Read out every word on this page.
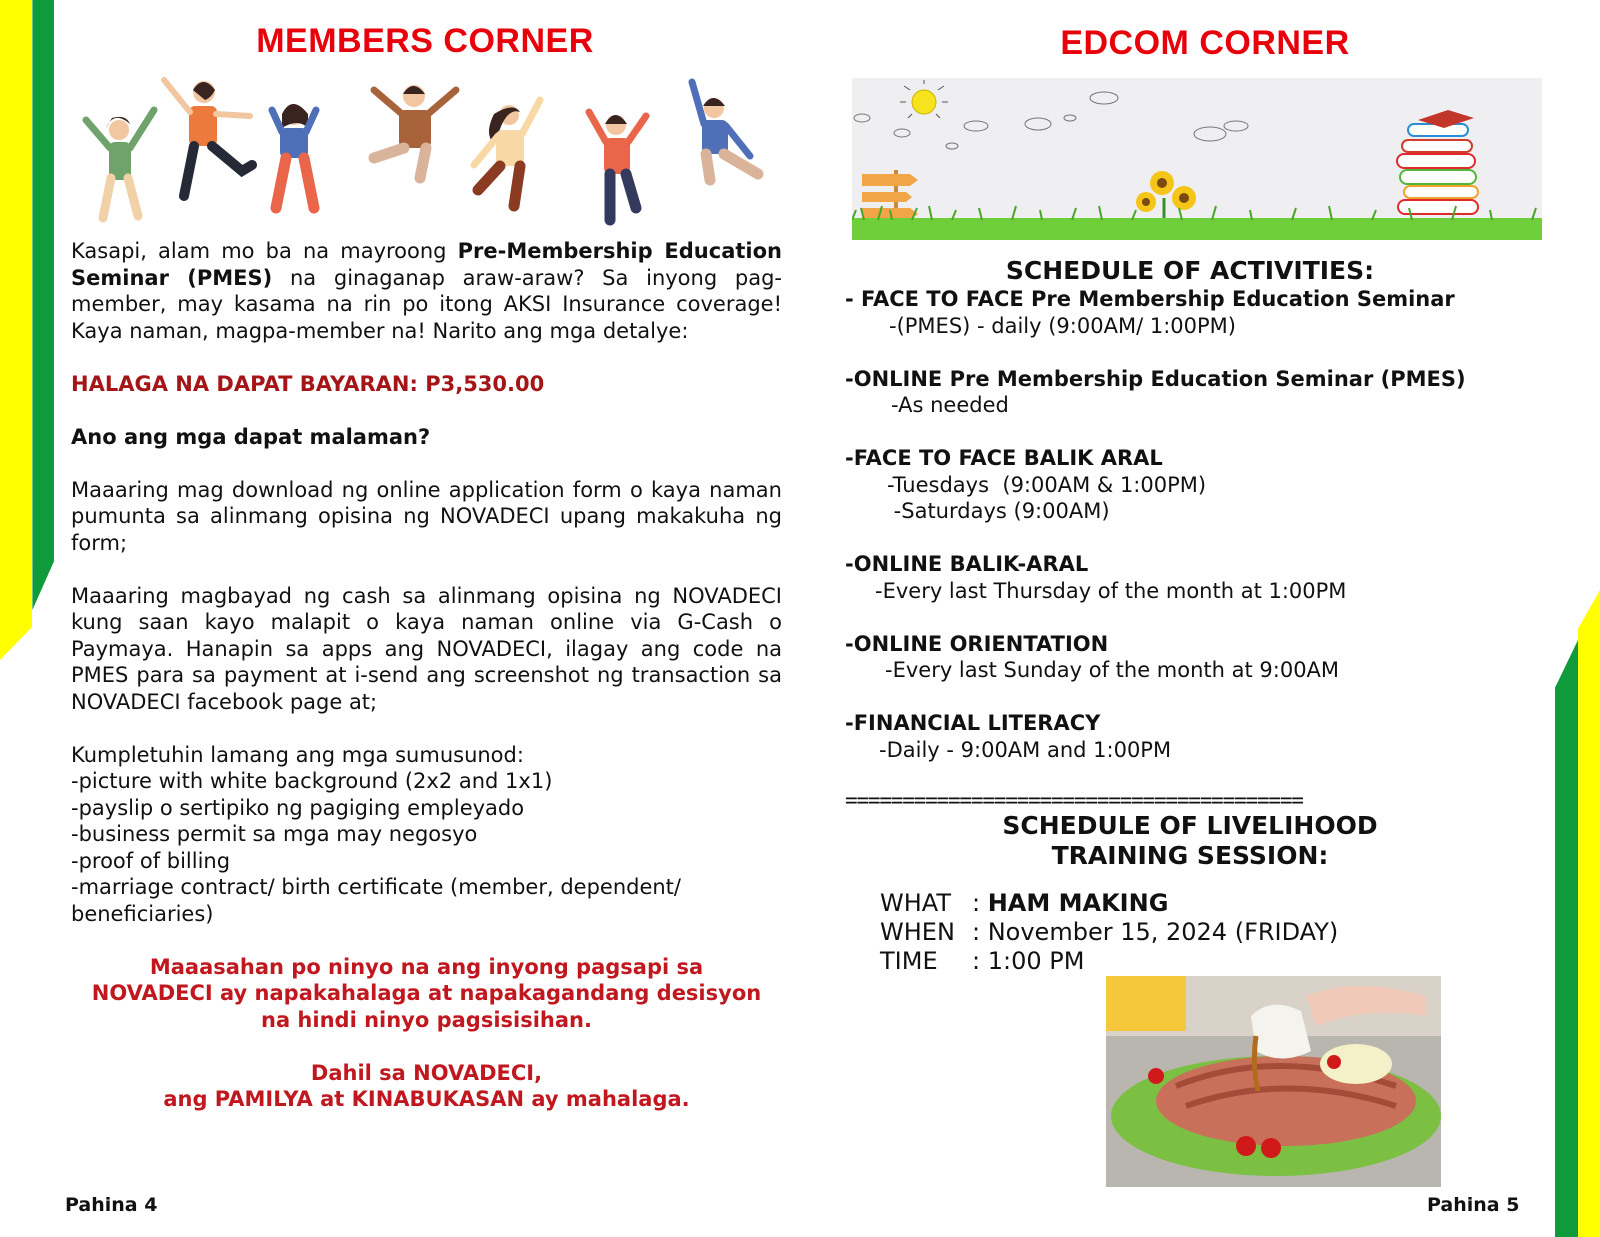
MEMBERS CORNER

Kasapi, alam mo ba na mayroong Pre-Membership Education Seminar (PMES) na ginaganap araw-araw? Sa inyong pag-member, may kasama na rin po itong AKSI Insurance coverage! Kaya naman, magpa-member na! Narito ang mga detalye:

HALAGA NA DAPAT BAYARAN: P3,530.00

Ano ang mga dapat malaman?

Maaaring mag download ng online application form o kaya naman pumunta sa alinmang opisina ng NOVADECI upang makakuha ng form;

Maaaring magbayad ng cash sa alinmang opisina ng NOVADECI kung saan kayo malapit o kaya naman online via G-Cash o Paymaya. Hanapin sa apps ang NOVADECI, ilagay ang code na PMES para sa payment at i-send ang screenshot ng transaction sa NOVADECI facebook page at;

Kumpletuhin lamang ang mga sumusunod:

-picture with white background (2x2 and 1x1)

-payslip o sertipiko ng pagiging empleyado

-business permit sa mga may negosyo

-proof of billing

-marriage contract/ birth certificate (member, dependent/ beneficiaries)

Maaasahan po ninyo na ang inyong pagsapi sa

NOVADECI ay napakahalaga at napakagandang desisyon

na hindi ninyo pagsisisihan.

Dahil sa NOVADECI,

ang PAMILYA at KINABUKASAN ay mahalaga.

Pahina 4
EDCOM CORNER

SCHEDULE OF ACTIVITIES:

- FACE TO FACE Pre Membership Education Seminar

-(PMES) - daily (9:00AM/ 1:00PM)

-ONLINE Pre Membership Education Seminar (PMES)

-As needed

-FACE TO FACE BALIK ARAL

-Tuesdays  (9:00AM & 1:00PM)

-Saturdays (9:00AM)

-ONLINE BALIK-ARAL

-Every last Thursday of the month at 1:00PM

-ONLINE ORIENTATION

-Every last Sunday of the month at 9:00AM

-FINANCIAL LITERACY

-Daily - 9:00AM and 1:00PM

========================================

SCHEDULE OF LIVELIHOOD

TRAINING SESSION:

WHAT : HAM MAKING

WHEN : November 15, 2024 (FRIDAY)

TIME : 1:00 PM

Pahina 5
